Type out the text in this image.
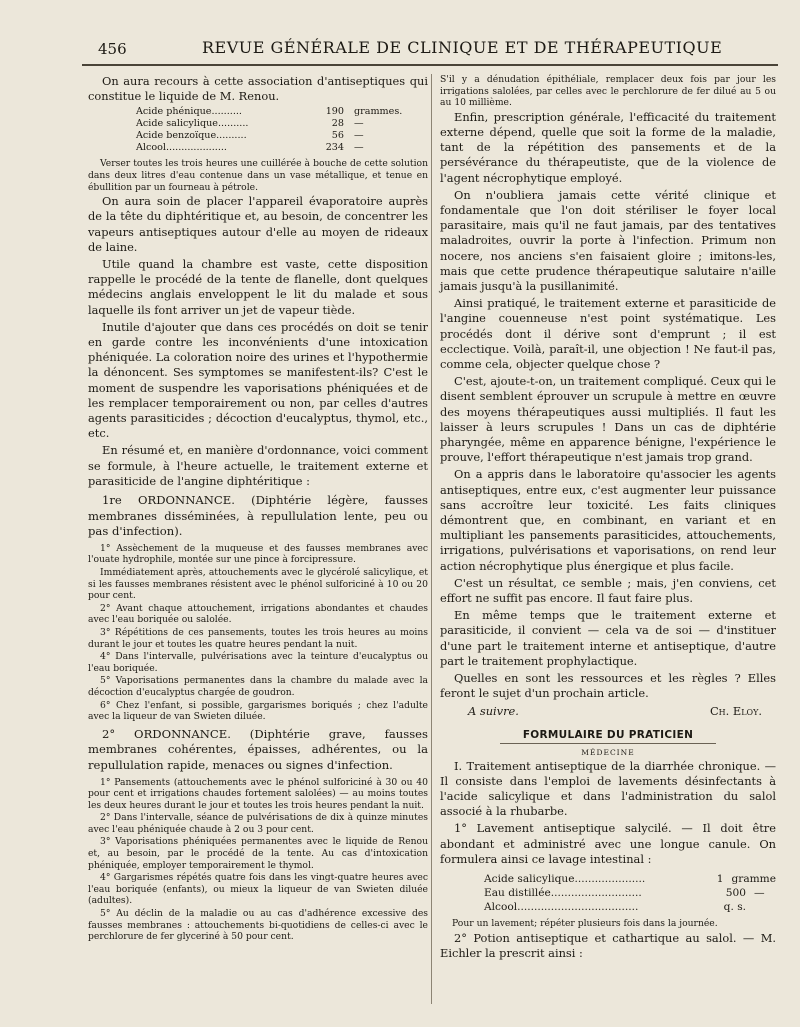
456	REVUE GÉNÉRALE DE CLINIQUE ET DE THÉRAPEUTIQUE

On aura recours à cette association d'antiseptiques qui constitue le liquide de M. Renou.

Acide phénique..........	190	grammes.
Acide salicylique..........	28	—
Acide benzoïque..........	56	—
Alcool....................	234	—

Verser toutes les trois heures une cuillérée à bouche de cette solution dans deux litres d'eau contenue dans un vase métallique, et tenue en ébullition par un fourneau à pétrole.

On aura soin de placer l'appareil évaporatoire auprès de la tête du diphtéritique et, au besoin, de concentrer les vapeurs antiseptiques autour d'elle au moyen de rideaux de laine.

Utile quand la chambre est vaste, cette disposition rappelle le procédé de la tente de flanelle, dont quelques médecins anglais enveloppent le lit du malade et sous laquelle ils font arriver un jet de vapeur tiède.

Inutile d'ajouter que dans ces procédés on doit se tenir en garde contre les inconvénients d'une intoxication phéniquée. La coloration noire des urines et l'hypothermie la dénoncent. Ses symptomes se manifestent-ils? C'est le moment de suspendre les vaporisations phéniquées et de les remplacer temporairement ou non, par celles d'autres agents parasiticides ; décoction d'eucalyptus, thymol, etc., etc.

En résumé et, en manière d'ordonnance, voici comment se formule, à l'heure actuelle, le traitement externe et parasiticide de l'angine diphtéritique :

1re ORDONNANCE. (Diphtérie légère, fausses membranes disséminées, à repullulation lente, peu ou pas d'infection).

1° Assèchement de la muqueuse et des fausses membranes avec l'ouate hydrophile, montée sur une pince à forcipressure.

Immédiatement après, attouchements avec le glycérolé salicylique, et si les fausses membranes résistent avec le phénol sulforiciné à 10 ou 20 pour cent.

2° Avant chaque attouchement, irrigations abondantes et chaudes avec l'eau boriquée ou salolée.

3° Répétitions de ces pansements, toutes les trois heures au moins durant le jour et toutes les quatre heures pendant la nuit.

4° Dans l'intervalle, pulvérisations avec la teinture d'eucalyptus ou l'eau boriquée.

5° Vaporisations permanentes dans la chambre du malade avec la décoction d'eucalyptus chargée de goudron.

6° Chez l'enfant, si possible, gargarismes boriqués ; chez l'adulte avec la liqueur de van Swieten diluée.

2° ORDONNANCE. (Diphtérie grave, fausses membranes cohérentes, épaisses, adhérentes, ou la repullulation rapide, menaces ou signes d'infection.

1° Pansements (attouchements avec le phénol sulforiciné à 30 ou 40 pour cent et irrigations chaudes fortement salolées) — au moins toutes les deux heures durant le jour et toutes les trois heures pendant la nuit.

2° Dans l'intervalle, séance de pulvérisations de dix à quinze minutes avec l'eau phéniquée chaude à 2 ou 3 pour cent.

3° Vaporisations phéniquées permanentes avec le liquide de Renou et, au besoin, par le procédé de la tente. Au cas d'intoxication phéniquée, employer temporairement le thymol.

4° Gargarismes répétés quatre fois dans les vingt-quatre heures avec l'eau boriquée (enfants), ou mieux la liqueur de van Swieten diluée (adultes).

5° Au déclin de la maladie ou au cas d'adhérence excessive des fausses membranes : attouchements bi-quotidiens de celles-ci avec le perchlorure de fer glyceriné à 50 pour cent.

S'il y a dénudation épithéliale, remplacer deux fois par jour les irrigations salolées, par celles avec le perchlorure de fer dilué au 5 ou au 10 millième.

Enfin, prescription générale, l'efficacité du traitement externe dépend, quelle que soit la forme de la maladie, tant de la répétition des pansements et de la persévérance du thérapeutiste, que de la violence de l'agent nécrophytique employé.

On n'oubliera jamais cette vérité clinique et fondamentale que l'on doit stériliser le foyer local parasitaire, mais qu'il ne faut jamais, par des tentatives maladroites, ouvrir la porte à l'infection. Primum non nocere, nos anciens s'en faisaient gloire ; imitons-les, mais que cette prudence thérapeutique salutaire n'aille jamais jusqu'à la pusillanimité.

Ainsi pratiqué, le traitement externe et parasiticide de l'angine couenneuse n'est point systématique. Les procédés dont il dérive sont d'emprunt ; il est ecclectique. Voilà, paraît-il, une objection ! Ne faut-il pas, comme cela, objecter quelque chose ?

C'est, ajoute-t-on, un traitement compliqué. Ceux qui le disent semblent éprouver un scrupule à mettre en œuvre des moyens thérapeutiques aussi multipliés. Il faut les laisser à leurs scrupules ! Dans un cas de diphtérie pharyngée, même en apparence bénigne, l'expérience le prouve, l'effort thérapeutique n'est jamais trop grand.

On a appris dans le laboratoire qu'associer les agents antiseptiques, entre eux, c'est augmenter leur puissance sans accroître leur toxicité. Les faits cliniques démontrent que, en combinant, en variant et en multipliant les pansements parasiticides, attouchements, irrigations, pulvérisations et vaporisations, on rend leur action nécrophytique plus énergique et plus facile.

C'est un résultat, ce semble ; mais, j'en conviens, cet effort ne suffit pas encore. Il faut faire plus.

En même temps que le traitement externe et parasiticide, il convient — cela va de soi — d'instituer d'une part le traitement interne et antiseptique, d'autre part le traitement prophylactique.

Quelles en sont les ressources et les règles ? Elles feront le sujet d'un prochain article.

A suivre.	Ch. Eloy.
FORMULAIRE DU PRATICIEN
MÉDECINE

I. Traitement antiseptique de la diarrhée chronique. — Il consiste dans l'emploi de lavements désinfectants à l'acide salicylique et dans l'administration du salol associé à la rhubarbe.

1° Lavement antiseptique salycilé. — Il doit être abondant et administré avec une longue canule. On formulera ainsi ce lavage intestinal :

Acide salicylique.....................	1 gramme
Eau distillée...........................	500 —
Alcool....................................	q. s.

Pour un lavement; répéter plusieurs fois dans la journée.

2° Potion antiseptique et cathartique au salol. — M. Eichler la prescrit ainsi :
